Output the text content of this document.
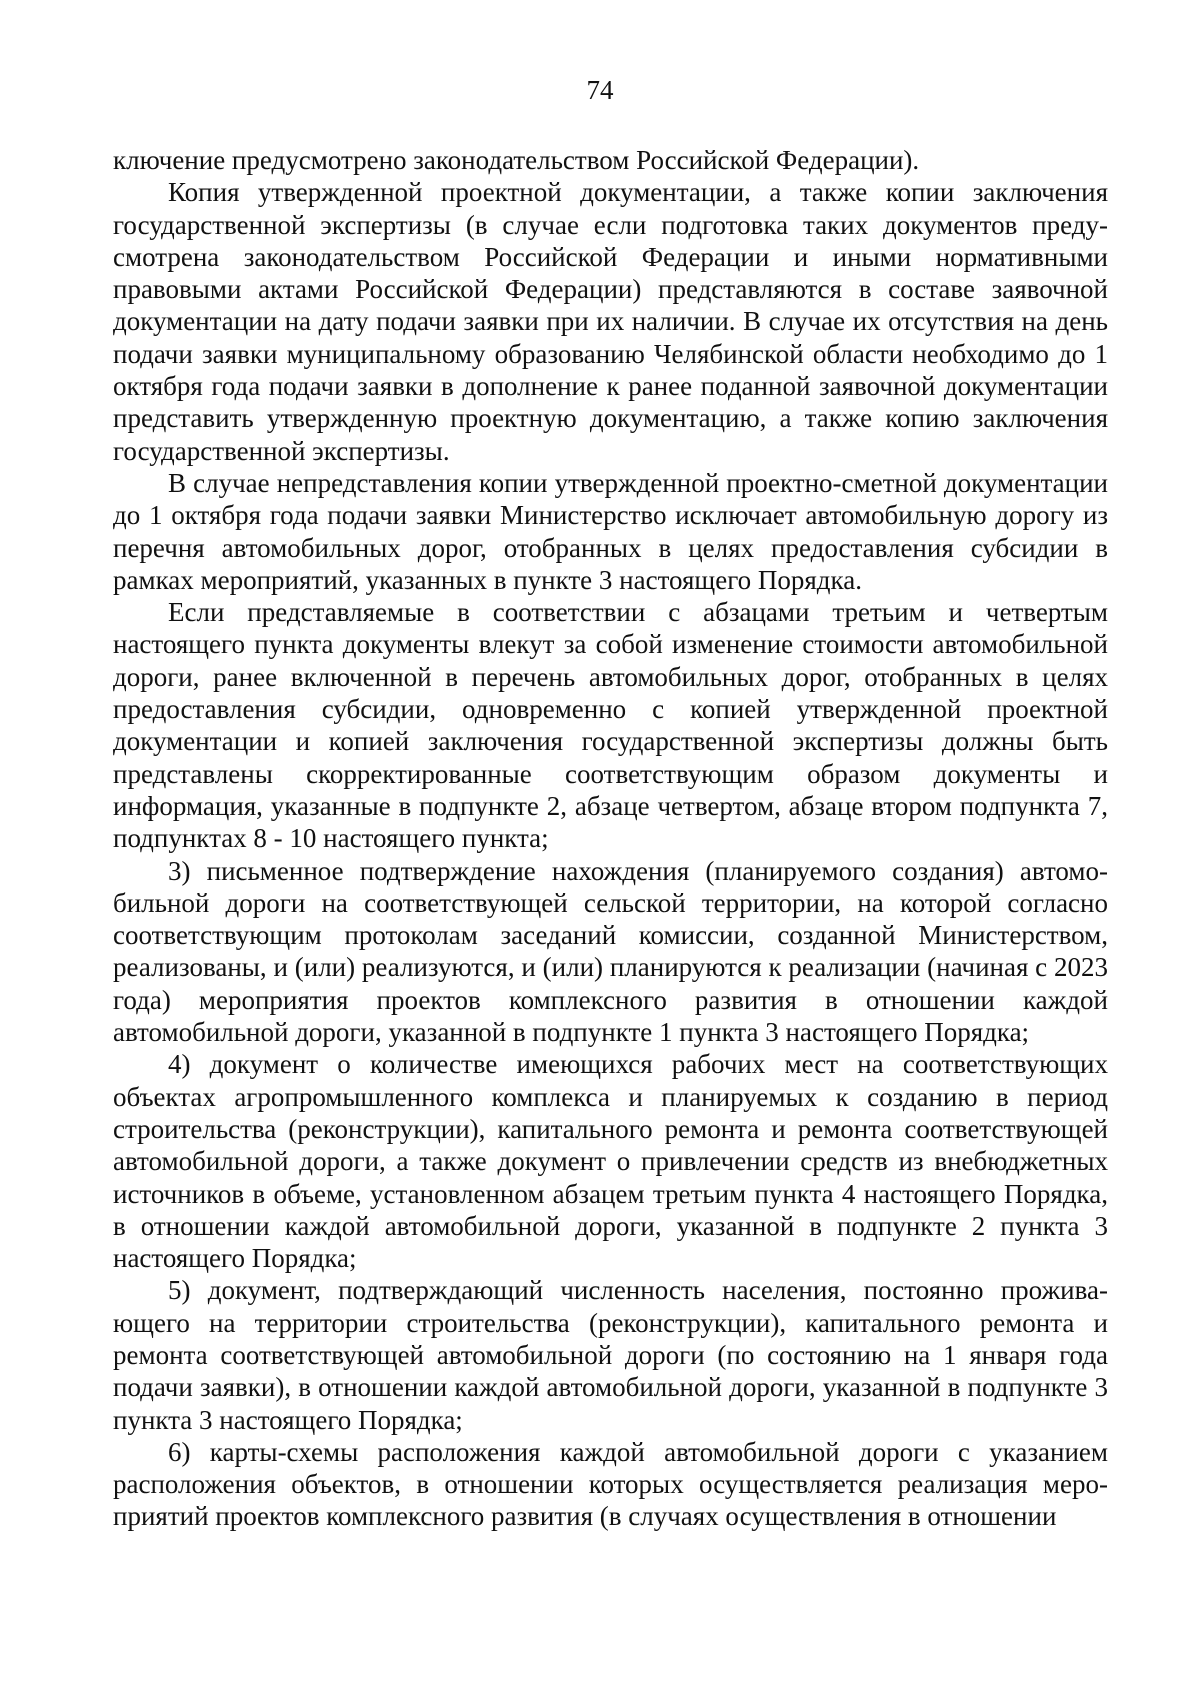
74

ключение предусмотрено законодательством Российской Федерации).

Копия утвержденной проектной документации, а также копии заключения государственной экспертизы (в случае если подготовка таких документов предусмотрена законодательством Российской Федерации и иными нормативными правовыми актами Российской Федерации) представляются в составе заявочной документации на дату подачи заявки при их наличии. В случае их отсутствия на день подачи заявки муниципальному образованию Челябинской области необходимо до 1 октября года подачи заявки в дополнение к ранее поданной заявочной документации представить утвержденную проектную документацию, а также копию заключения государственной экспертизы.

В случае непредставления копии утвержденной проектно-сметной документации до 1 октября года подачи заявки Министерство исключает автомобильную дорогу из перечня автомобильных дорог, отобранных в целях предоставления субсидии в рамках мероприятий, указанных в пункте 3 настоящего Порядка.

Если представляемые в соответствии с абзацами третьим и четвертым настоящего пункта документы влекут за собой изменение стоимости автомобильной дороги, ранее включенной в перечень автомобильных дорог, отобранных в целях предоставления субсидии, одновременно с копией утвержденной проектной документации и копией заключения государственной экспертизы должны быть представлены скорректированные соответствующим образом документы и информация, указанные в подпункте 2, абзаце четвертом, абзаце втором подпункта 7, подпунктах 8 - 10 настоящего пункта;

3) письменное подтверждение нахождения (планируемого создания) автомобильной дороги на соответствующей сельской территории, на которой согласно соответствующим протоколам заседаний комиссии, созданной Министерством, реализованы, и (или) реализуются, и (или) планируются к реализации (начиная с 2023 года) мероприятия проектов комплексного развития в отношении каждой автомобильной дороги, указанной в подпункте 1 пункта 3 настоящего Порядка;

4) документ о количестве имеющихся рабочих мест на соответствующих объектах агропромышленного комплекса и планируемых к созданию в период строительства (реконструкции), капитального ремонта и ремонта соответствующей автомобильной дороги, а также документ о привлечении средств из внебюджетных источников в объеме, установленном абзацем третьим пункта 4 настоящего Порядка, в отношении каждой автомобильной дороги, указанной в подпункте 2 пункта 3 настоящего Порядка;

5) документ, подтверждающий численность населения, постоянно проживающего на территории строительства (реконструкции), капитального ремонта и ремонта соответствующей автомобильной дороги (по состоянию на 1 января года подачи заявки), в отношении каждой автомобильной дороги, указанной в подпункте 3 пункта 3 настоящего Порядка;

6) карты-схемы расположения каждой автомобильной дороги с указанием расположения объектов, в отношении которых осуществляется реализация мероприятий проектов комплексного развития (в случаях осуществления в отношении
